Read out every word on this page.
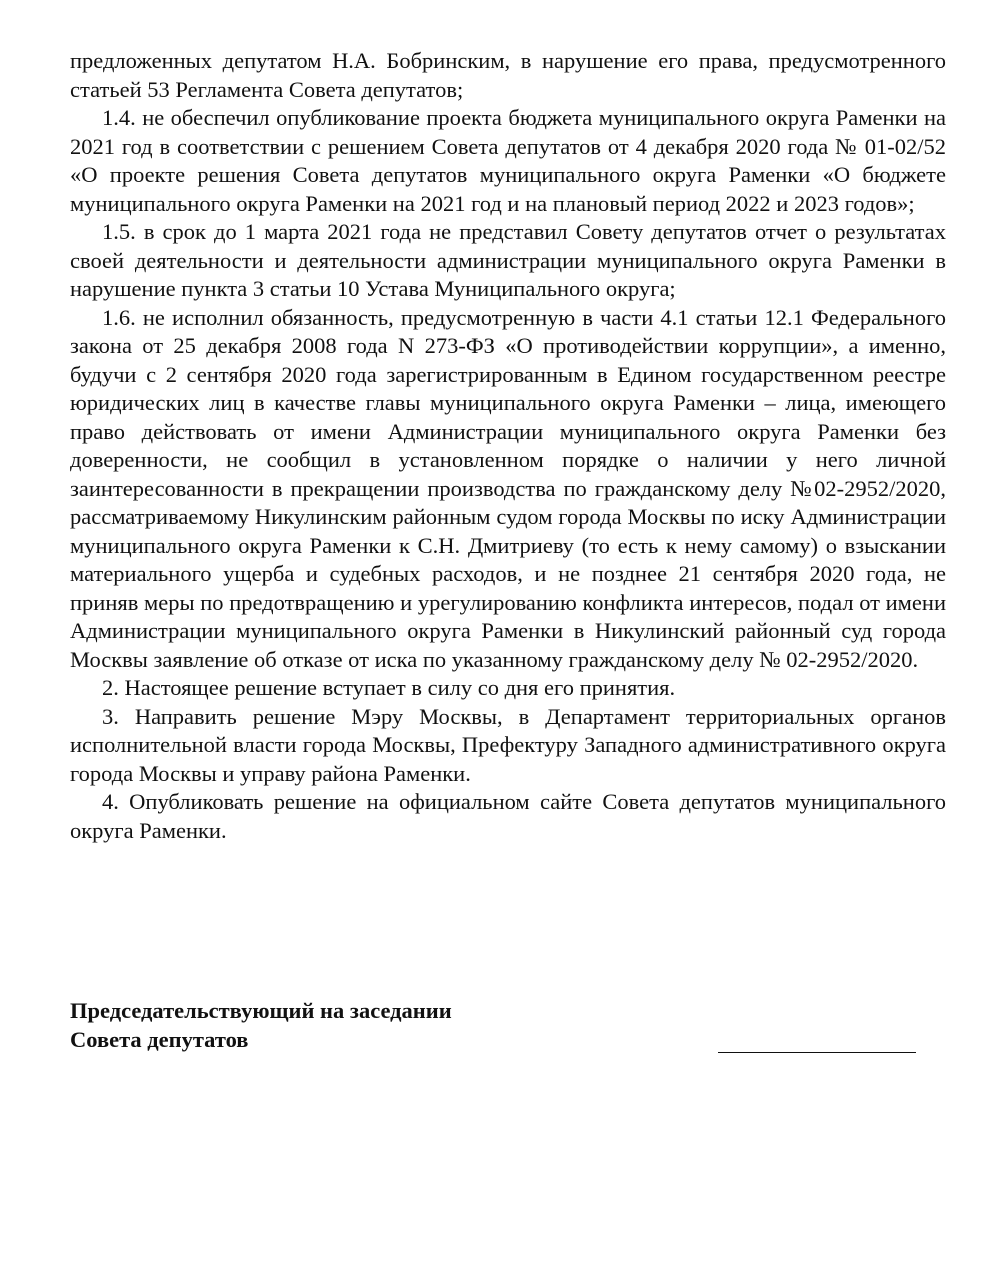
предложенных депутатом Н.А. Бобринским, в нарушение его права, предусмотренного статьей 53 Регламента Совета депутатов;

1.4. не обеспечил опубликование проекта бюджета муниципального округа Раменки на 2021 год в соответствии с решением Совета депутатов от 4 декабря 2020 года № 01-02/52 «О проекте решения Совета депутатов муниципального округа Раменки «О бюджете муниципального округа Раменки на 2021 год и на плановый период 2022 и 2023 годов»;

1.5. в срок до 1 марта 2021 года не представил Совету депутатов отчет о результатах своей деятельности и деятельности администрации муниципального округа Раменки в нарушение пункта 3 статьи 10 Устава Муниципального округа;

1.6. не исполнил обязанность, предусмотренную в части 4.1 статьи 12.1 Федерального закона от 25 декабря 2008 года N 273-ФЗ «О противодействии коррупции», а именно, будучи с 2 сентября 2020 года зарегистрированным в Едином государственном реестре юридических лиц в качестве главы муниципального округа Раменки – лица, имеющего право действовать от имени Администрации муниципального округа Раменки без доверенности, не сообщил в установленном порядке о наличии у него личной заинтересованности в прекращении производства по гражданскому делу №02-2952/2020, рассматриваемому Никулинским районным судом города Москвы по иску Администрации муниципального округа Раменки к С.Н. Дмитриеву (то есть к нему самому) о взыскании материального ущерба и судебных расходов, и не позднее 21 сентября 2020 года, не приняв меры по предотвращению и урегулированию конфликта интересов, подал от имени Администрации муниципального округа Раменки в Никулинский районный суд города Москвы заявление об отказе от иска по указанному гражданскому делу № 02-2952/2020.

2. Настоящее решение вступает в силу со дня его принятия.

3. Направить решение Мэру Москвы, в Департамент территориальных органов исполнительной власти города Москвы, Префектуру Западного административного округа города Москвы и управу района Раменки.

4. Опубликовать решение на официальном сайте Совета депутатов муниципального округа Раменки.

Председательствующий на заседании
Совета депутатов
